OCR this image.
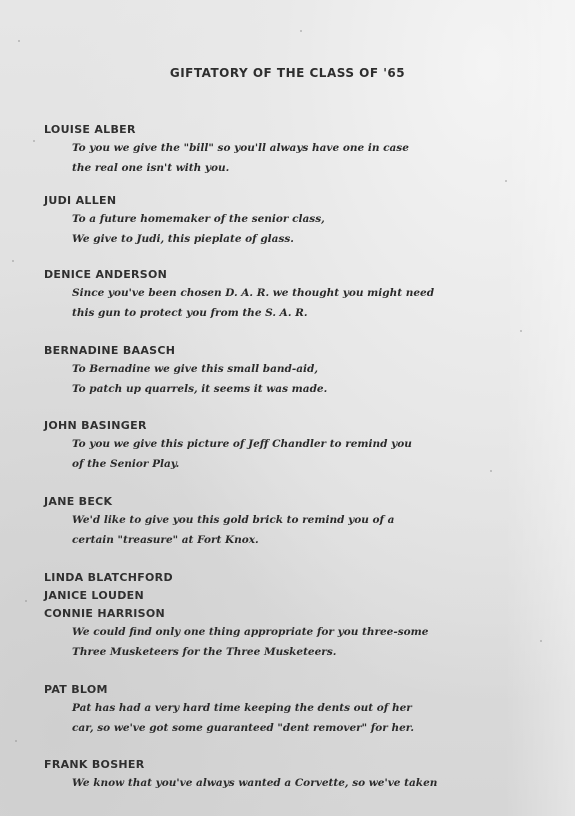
GIFTATORY OF THE CLASS OF '65
LOUISE ALBER
To you we give the "bill" so you'll always have one in case
the real one isn't with you.
JUDI ALLEN
To a future homemaker of the senior class,
We give to Judi, this pieplate of glass.
DENICE ANDERSON
Since you've been chosen D. A. R. we thought you might need
this gun to protect you from the S. A. R.
BERNADINE BAASCH
To Bernadine we give this small band-aid,
To patch up quarrels, it seems it was made.
JOHN BASINGER
To you we give this picture of Jeff Chandler to remind you
of the Senior Play.
JANE BECK
We'd like to give you this gold brick to remind you of a
certain "treasure" at Fort Knox.
LINDA BLATCHFORD
JANICE LOUDEN
CONNIE HARRISON
We could find only one thing appropriate for you three-some
Three Musketeers for the Three Musketeers.
PAT BLOM
Pat has had a very hard time keeping the dents out of her
car, so we've got some guaranteed "dent remover" for her.
FRANK BOSHER
We know that you've always wanted a Corvette, so we've taken
